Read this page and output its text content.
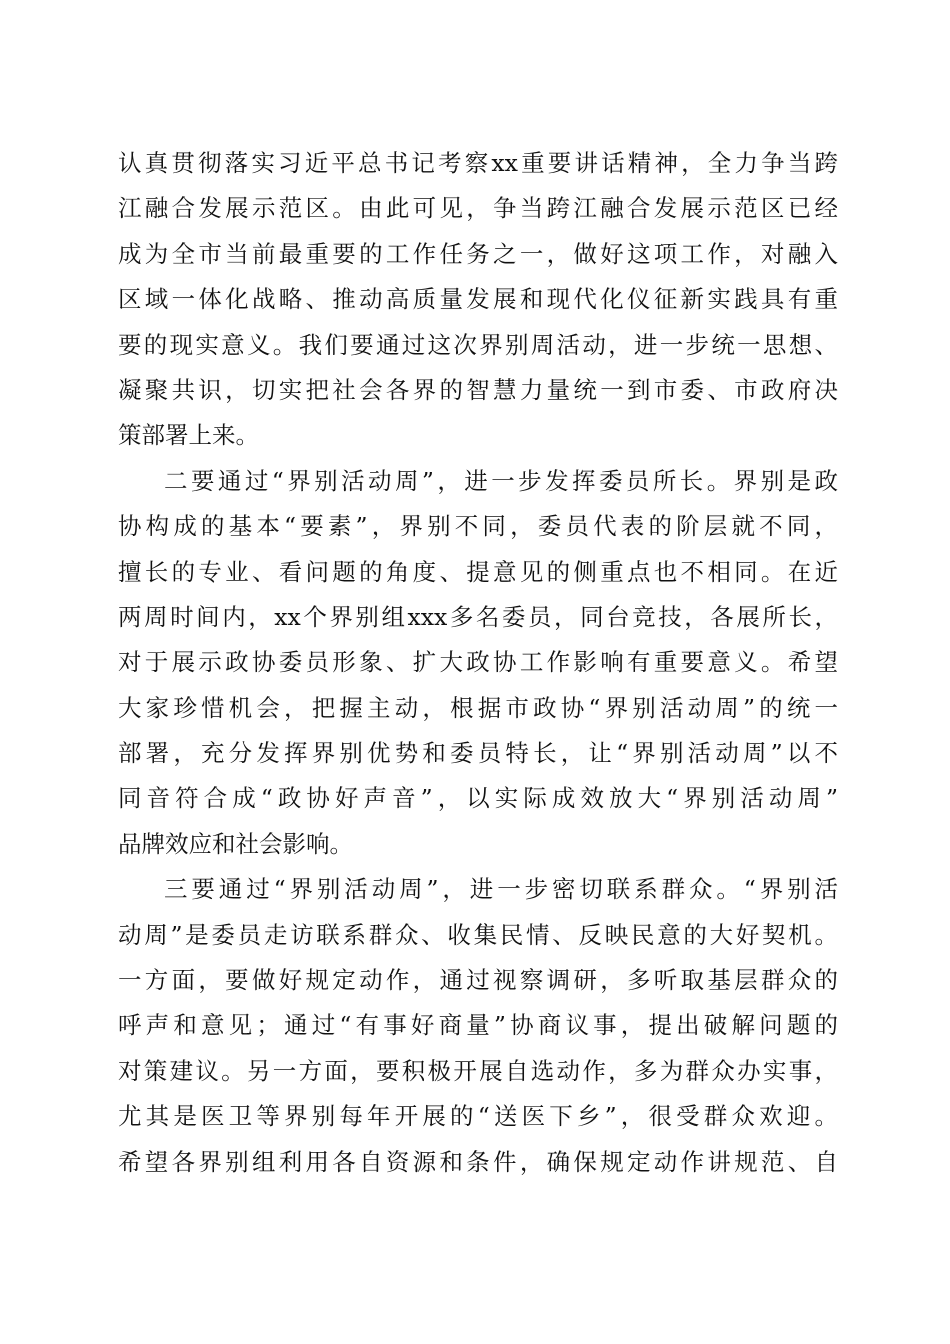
认真贯彻落实习近平总书记考察xx重要讲话精神，全力争当跨
江融合发展示范区。由此可见，争当跨江融合发展示范区已经
成为全市当前最重要的工作任务之一，做好这项工作，对融入
区域一体化战略、推动高质量发展和现代化仪征新实践具有重
要的现实意义。我们要通过这次界别周活动，进一步统一思想、
凝聚共识，切实把社会各界的智慧力量统一到市委、市政府决
策部署上来。
二要通过“界别活动周”，进一步发挥委员所长。界别是政
协构成的基本“要素”，界别不同，委员代表的阶层就不同，
擅长的专业、看问题的角度、提意见的侧重点也不相同。在近
两周时间内，xx个界别组xxx多名委员，同台竞技，各展所长，
对于展示政协委员形象、扩大政协工作影响有重要意义。希望
大家珍惜机会，把握主动，根据市政协“界别活动周”的统一
部署，充分发挥界别优势和委员特长，让“界别活动周”以不
同音符合成“政协好声音”，以实际成效放大“界别活动周”
品牌效应和社会影响。
三要通过“界别活动周”，进一步密切联系群众。“界别活
动周”是委员走访联系群众、收集民情、反映民意的大好契机。
一方面，要做好规定动作，通过视察调研，多听取基层群众的
呼声和意见；通过“有事好商量”协商议事，提出破解问题的
对策建议。另一方面，要积极开展自选动作，多为群众办实事，
尤其是医卫等界别每年开展的“送医下乡”，很受群众欢迎。
希望各界别组利用各自资源和条件，确保规定动作讲规范、自
